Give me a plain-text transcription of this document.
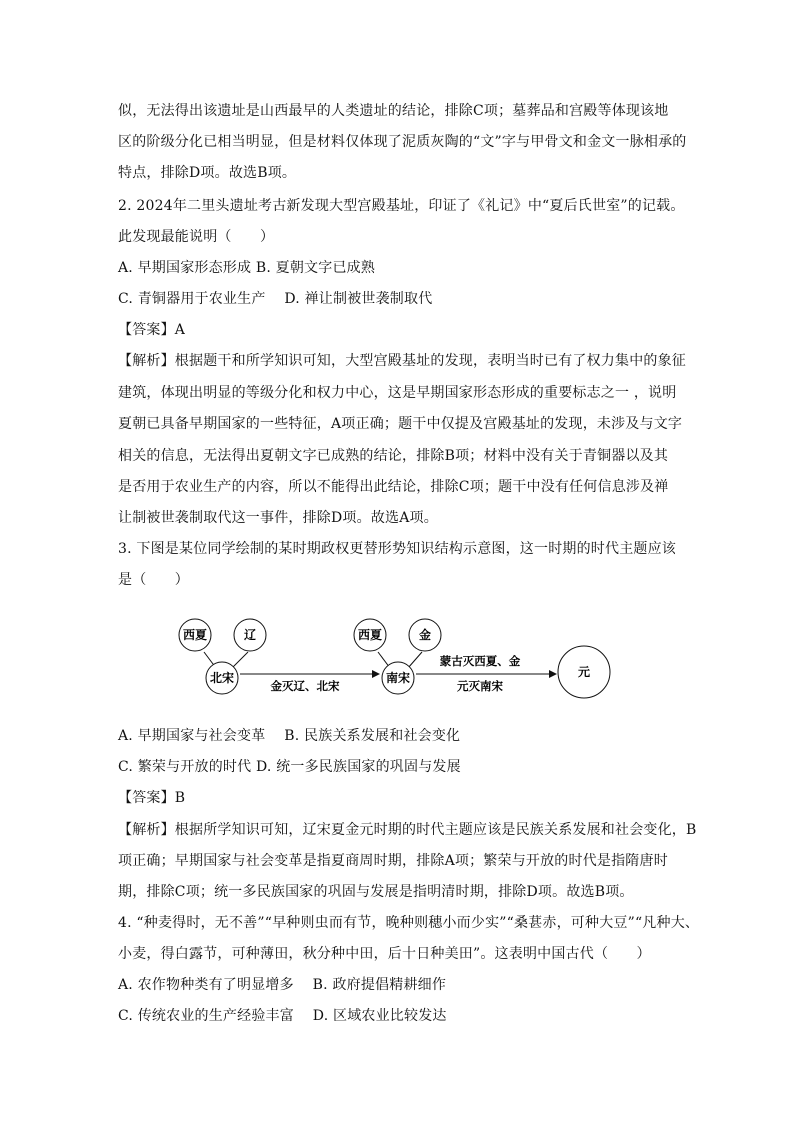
似，无法得出该遗址是山西最早的人类遗址的结论，排除C项；墓葬品和宫殿等体现该地
区的阶级分化已相当明显，但是材料仅体现了泥质灰陶的“文”字与甲骨文和金文一脉相承的
特点，排除D项。故选B项。
2. 2024年二里头遗址考古新发现大型宫殿基址，印证了《礼记》中“夏后氏世室”的记载。
此发现最能说明（　　）
A. 早期国家形态形成 B. 夏朝文字已成熟
C. 青铜器用于农业生产　 D. 禅让制被世袭制取代
【答案】A
【解析】根据题干和所学知识可知，大型宫殿基址的发现，表明当时已有了权力集中的象征
建筑，体现出明显的等级分化和权力中心，这是早期国家形态形成的重要标志之一 ，说明
夏朝已具备早期国家的一些特征，A项正确；题干中仅提及宫殿基址的发现，未涉及与文字
相关的信息，无法得出夏朝文字已成熟的结论，排除B项；材料中没有关于青铜器以及其
是否用于农业生产的内容，所以不能得出此结论，排除C项；题干中没有任何信息涉及禅
让制被世袭制取代这一事件，排除D项。故选A项。
3. 下图是某位同学绘制的某时期政权更替形势知识结构示意图，这一时期的时代主题应该
是（　　）
西夏	辽
北宋
西夏	金
南宋	元
金灭辽、北宋
蒙古灭西夏、金
元灭南宋
A. 早期国家与社会变革　 B. 民族关系发展和社会变化
C. 繁荣与开放的时代 D. 统一多民族国家的巩固与发展
【答案】B
【解析】根据所学知识可知，辽宋夏金元时期的时代主题应该是民族关系发展和社会变化，B
项正确；早期国家与社会变革是指夏商周时期，排除A项；繁荣与开放的时代是指隋唐时
期，排除C项；统一多民族国家的巩固与发展是指明清时期，排除D项。故选B项。
4. “种麦得时，无不善”“早种则虫而有节，晚种则穗小而少实”“桑葚赤，可种大豆”“凡种大、
小麦，得白露节，可种薄田，秋分种中田，后十日种美田”。这表明中国古代（　　）
A. 农作物种类有了明显增多　 B. 政府提倡精耕细作
C. 传统农业的生产经验丰富　 D. 区域农业比较发达
